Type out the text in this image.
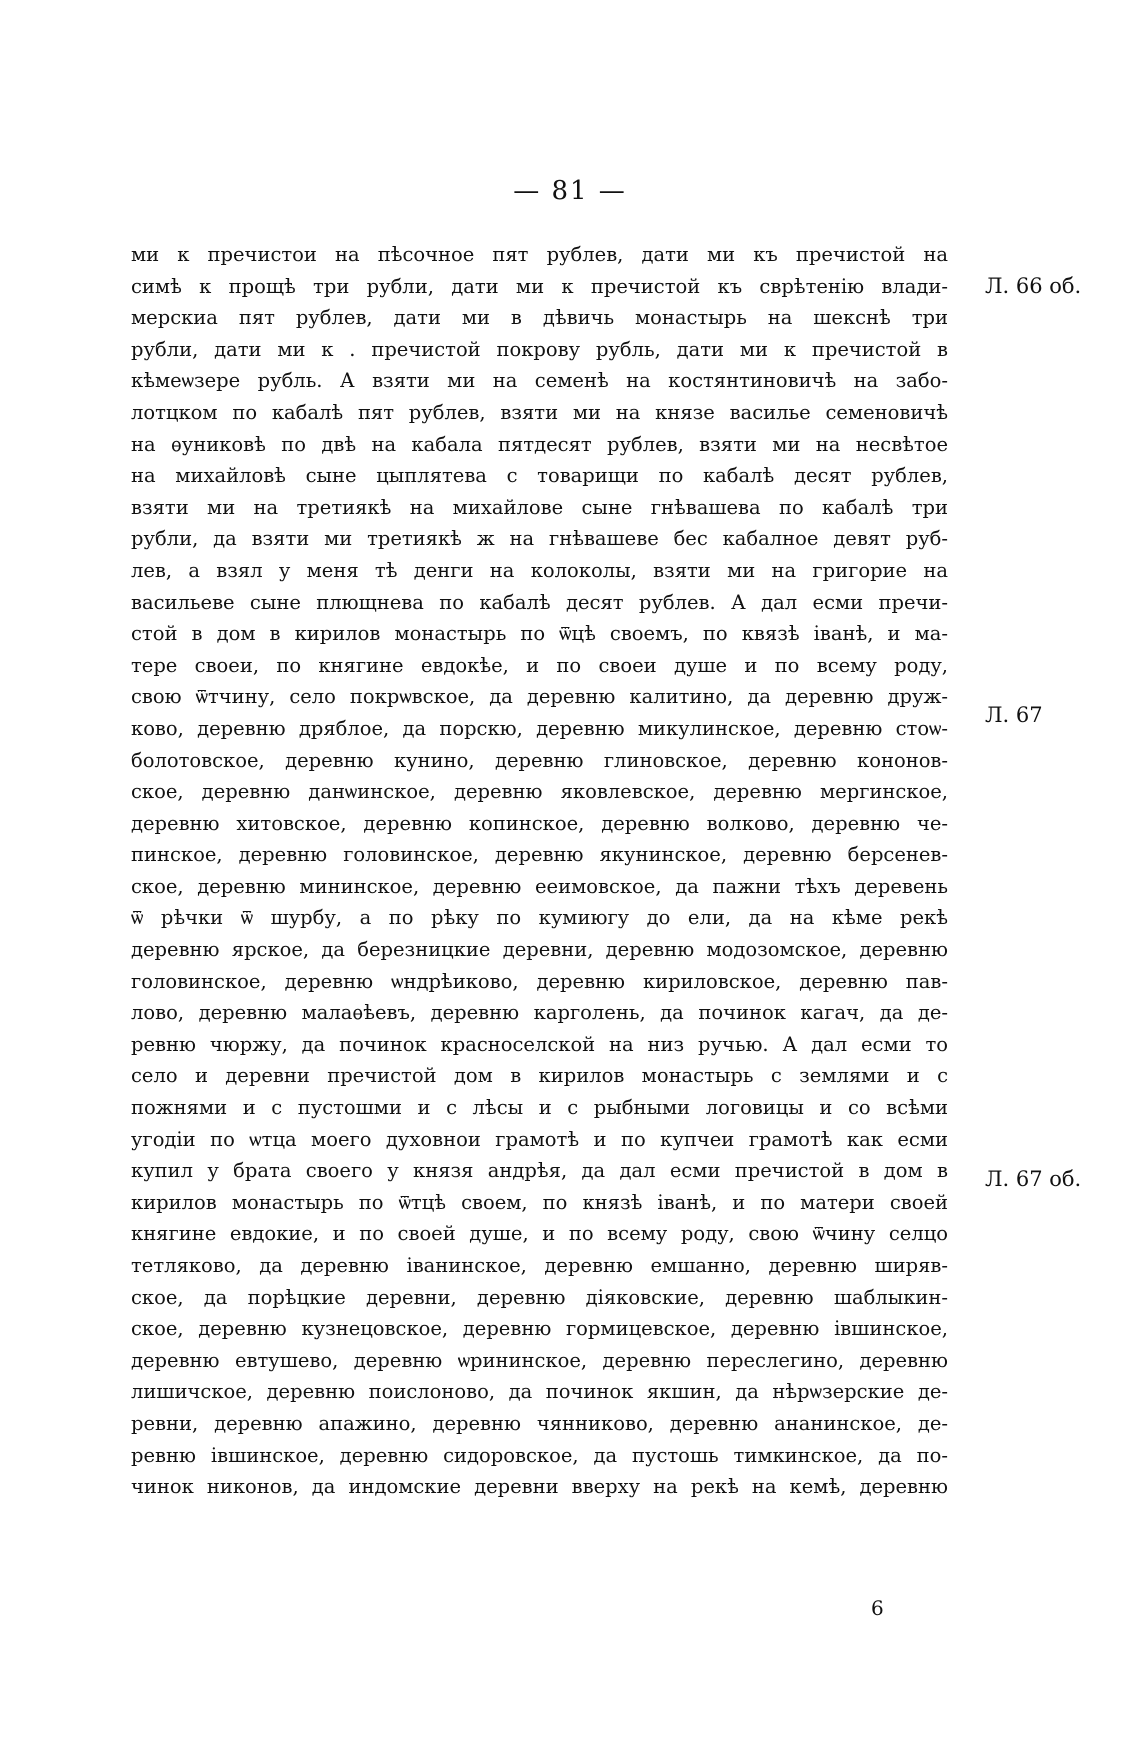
— 81 —
ми к пречистои на пѣсочное пят рублев, дати ми къ пречистой на
симѣ к прощѣ три рубли, дати ми к пречистой къ сврѣтенію влади-
мерскиа пят рублев, дати ми в дѣвичь монастырь на шекснѣ три
рубли, дати ми к . пречистой покрову рубль, дати ми к пречистой в
кѣмеѡзере рубль. А взяти ми на семенѣ на костянтиновичѣ на забо-
лотцком по кабалѣ пят рублев, взяти ми на князе василье семеновичѣ
на ѳуниковѣ по двѣ на кабала пятдесят рублев, взяти ми на несвѣтое
на михайловѣ сыне цыплятева с товарищи по кабалѣ десят рублев,
взяти ми на третиякѣ на михайлове сыне гнѣвашева по кабалѣ три
рубли, да взяти ми третиякѣ ж на гнѣвашеве бес кабалное девят руб-
лев, а взял у меня тѣ денги на колоколы, взяти ми на григорие на
васильеве сыне плющнева по кабалѣ десят рублев. А дал есми пречи-
стой в дом в кирилов монастырь по ѿцѣ своемъ, по квязѣ іванѣ, и ма-
тере своеи, по княгине евдокѣе, и по своеи душе и по всему роду,
свою ѿтчину, село покрѡвское, да деревню калитино, да деревню друж-
ково, деревню дряблое, да порскю, деревню микулинское, деревню стоѡ-
болотовское, деревню кунино, деревню глиновское, деревню кононов-
ское, деревню данѡинское, деревню яковлевское, деревню мергинское,
деревню хитовское, деревню копинское, деревню волково, деревню че-
пинское, деревню головинское, деревню якунинское, деревню берсенев-
ское, деревню мининское, деревню ееимовское, да пажни тѣхъ деревень
ѿ рѣчки ѿ шурбу, а по рѣку по кумиюгу до ели, да на кѣме рекѣ
деревню ярское, да березницкие деревни, деревню модозомское, деревню
головинское, деревню ѡндрѣиково, деревню кириловское, деревню пав-
лово, деревню малаѳѣевъ, деревню карголень, да починок кагач, да де-
ревню чюржу, да починок красноселской на низ ручью. А дал есми то
село и деревни пречистой дом в кирилов монастырь с землями и с
пожнями и с пустошми и с лѣсы и с рыбными логовицы и со всѣми
угодіи по ѡтца моего духовнои грамотѣ и по купчеи грамотѣ как есми
купил у брата своего у князя андрѣя, да дал есми пречистой в дом в
кирилов монастырь по ѿтцѣ своем, по князѣ іванѣ, и по матери своей
княгине евдокие, и по своей душе, и по всему роду, свою ѿчину селцо
тетляково, да деревню іванинское, деревню емшанно, деревню ширяв-
ское, да порѣцкие деревни, деревню дiяковские, деревню шаблыкин-
ское, деревню кузнецовское, деревню гормицевское, деревню івшинское,
деревню евтушево, деревню ѡрининское, деревню переслегино, деревню
лишичское, деревню поислоново, да починок якшин, да нѣрѡзерские де-
ревни, деревню апажино, деревню чянниково, деревню ананинское, де-
ревню івшинское, деревню сидоровское, да пустошь тимкинское, да по-
чинок никонов, да индомские деревни вверху на рекѣ на кемѣ, деревню
Л. 66 об.
Л. 67
Л. 67 об.
6
